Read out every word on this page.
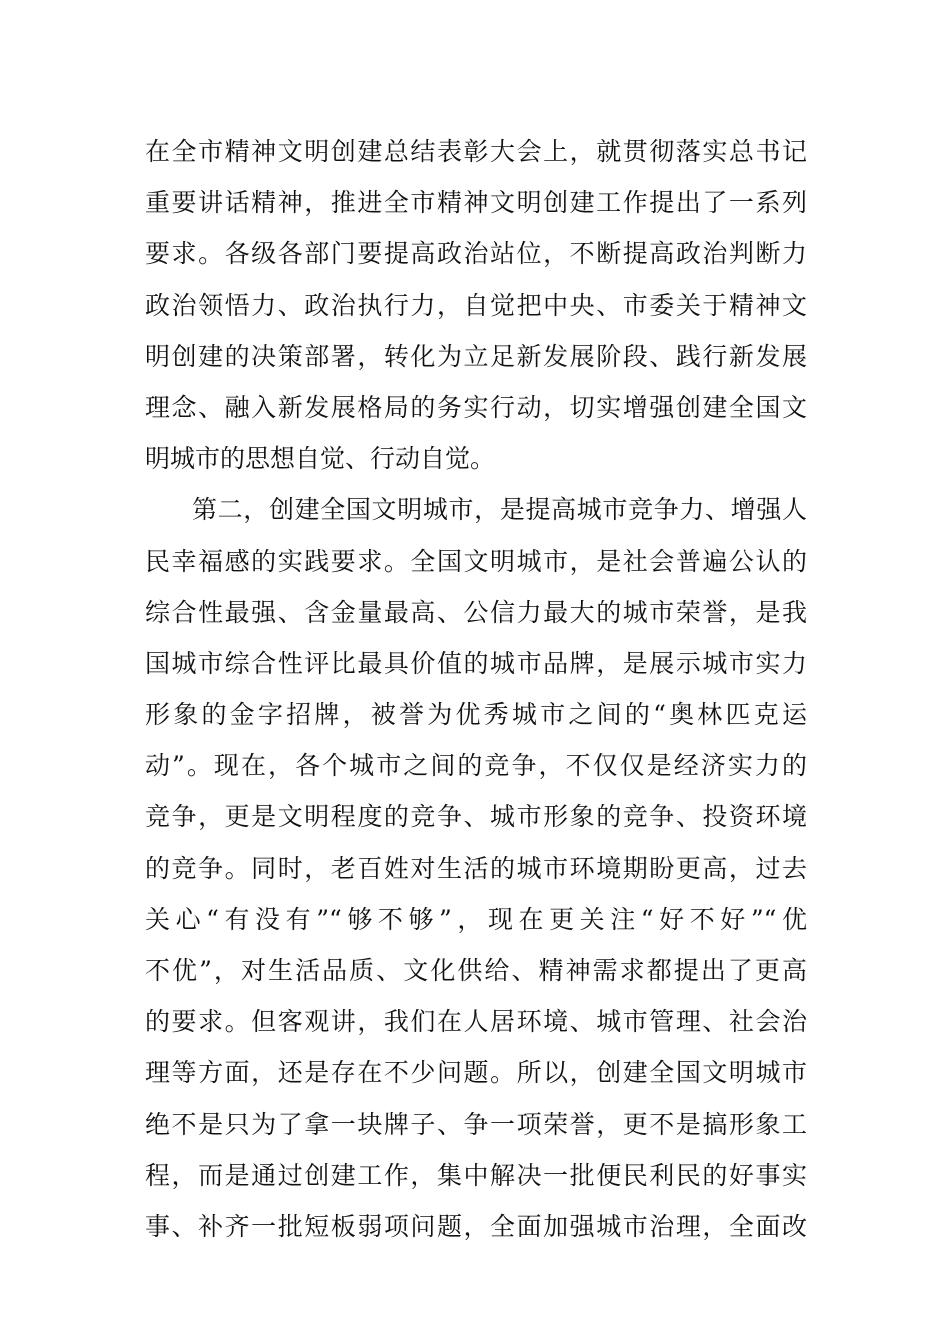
在全市精神文明创建总结表彰大会上，就贯彻落实总书记
重要讲话精神，推进全市精神文明创建工作提出了一系列
要求。各级各部门要提高政治站位，不断提高政治判断力
政治领悟力、政治执行力，自觉把中央、市委关于精神文
明创建的决策部署，转化为立足新发展阶段、践行新发展
理念、融入新发展格局的务实行动，切实增强创建全国文
明城市的思想自觉、行动自觉。
第二，创建全国文明城市，是提高城市竞争力、增强人
民幸福感的实践要求。全国文明城市，是社会普遍公认的
综合性最强、含金量最高、公信力最大的城市荣誉，是我
国城市综合性评比最具价值的城市品牌，是展示城市实力
形象的金字招牌，被誉为优秀城市之间的“奥林匹克运
动”。现在，各个城市之间的竞争，不仅仅是经济实力的
竞争，更是文明程度的竞争、城市形象的竞争、投资环境
的竞争。同时，老百姓对生活的城市环境期盼更高，过去
关心“有没有”“够不够”，现在更关注“好不好”“优
不优”，对生活品质、文化供给、精神需求都提出了更高
的要求。但客观讲，我们在人居环境、城市管理、社会治
理等方面，还是存在不少问题。所以，创建全国文明城市
绝不是只为了拿一块牌子、争一项荣誉，更不是搞形象工
程，而是通过创建工作，集中解决一批便民利民的好事实
事、补齐一批短板弱项问题，全面加强城市治理，全面改
